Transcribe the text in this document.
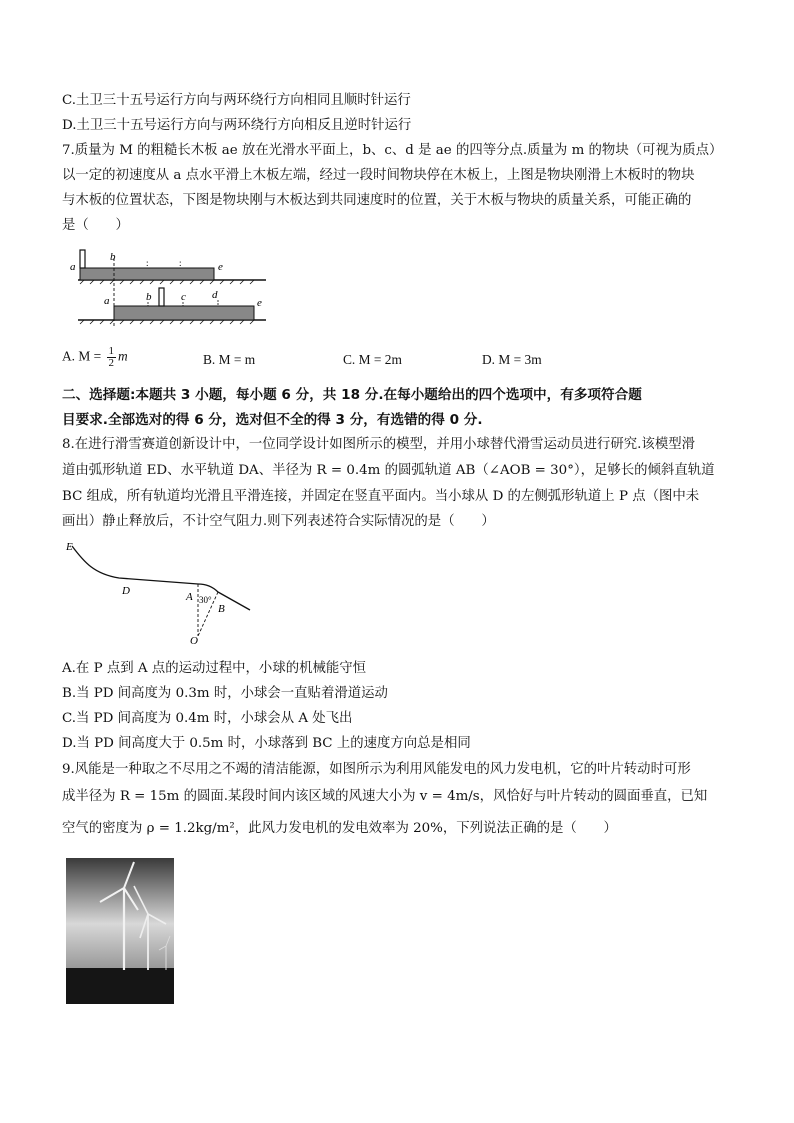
C.土卫三十五号运行方向与两环绕行方向相同且顺时针运行
D.土卫三十五号运行方向与两环绕行方向相反且逆时针运行
7.质量为 M 的粗糙长木板 ae 放在光滑水平面上，b、c、d 是 ae 的四等分点.质量为 m 的物块（可视为质点）
以一定的初速度从 a 点水平滑上木板左端，经过一段时间物块停在木板上，上图是物块刚滑上木板时的物块
与木板的位置状态，下图是物块刚与木板达到共同速度时的位置，关于木板与物块的质量关系，可能正确的
是（　　）
a
b
e
:	:
a	b	c d
e
A. $M = \frac{1}{2}$ m	B. M = m	C. M = 2m	D. M = 3m
二、选择题:本题共 3 小题，每小题 6 分，共 18 分.在每小题给出的四个选项中，有多项符合题
目要求.全部选对的得 6 分，选对但不全的得 3 分，有选错的得 0 分.
8.在进行滑雪赛道创新设计中，一位同学设计如图所示的模型，并用小球替代滑雪运动员进行研究.该模型滑
道由弧形轨道 ED、水平轨道 DA、半径为 R = 0.4m 的圆弧轨道 AB（∠AOB = 30°），足够长的倾斜直轨道
BC 组成，所有轨道均光滑且平滑连接，并固定在竖直平面内。当小球从 D 的左侧弧形轨道上 P 点（图中未
画出）静止释放后，不计空气阻力.则下列表述符合实际情况的是（　　）
E
D	A
B
O
30°
A.在 P 点到 A 点的运动过程中，小球的机械能守恒
B.当 PD 间高度为 0.3m 时，小球会一直贴着滑道运动
C.当 PD 间高度为 0.4m 时，小球会从 A 处飞出
D.当 PD 间高度大于 0.5m 时，小球落到 BC 上的速度方向总是相同
9.风能是一种取之不尽用之不竭的清洁能源，如图所示为利用风能发电的风力发电机，它的叶片转动时可形
成半径为 R = 15m 的圆面.某段时间内该区域的风速大小为 v = 4m/s，风恰好与叶片转动的圆面垂直，已知
空气的密度为 ρ = 1.2kg/m²，此风力发电机的发电效率为 20%，下列说法正确的是（　　）
